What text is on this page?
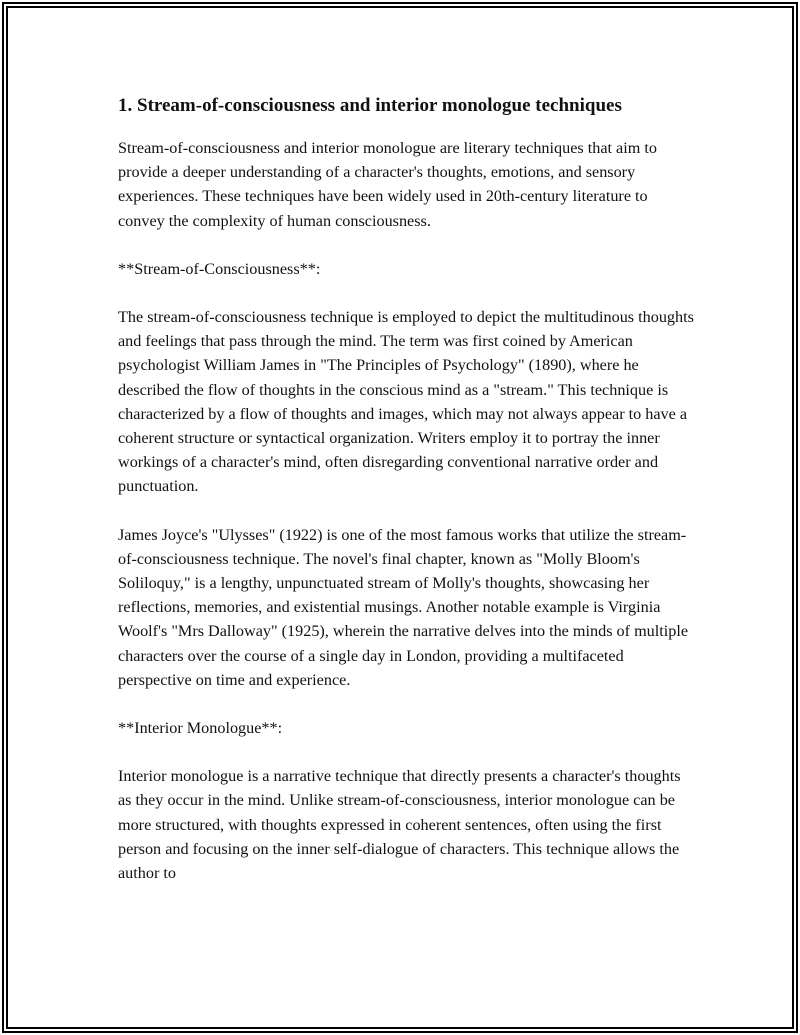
1. Stream-of-consciousness and interior monologue techniques

Stream-of-consciousness and interior monologue are literary techniques that aim to provide a deeper understanding of a character's thoughts, emotions, and sensory experiences. These techniques have been widely used in 20th-century literature to convey the complexity of human consciousness.

**Stream-of-Consciousness**:

The stream-of-consciousness technique is employed to depict the multitudinous thoughts and feelings that pass through the mind. The term was first coined by American psychologist William James in "The Principles of Psychology" (1890), where he described the flow of thoughts in the conscious mind as a "stream." This technique is characterized by a flow of thoughts and images, which may not always appear to have a coherent structure or syntactical organization. Writers employ it to portray the inner workings of a character's mind, often disregarding conventional narrative order and punctuation.

James Joyce's "Ulysses" (1922) is one of the most famous works that utilize the stream-of-consciousness technique. The novel's final chapter, known as "Molly Bloom's Soliloquy," is a lengthy, unpunctuated stream of Molly's thoughts, showcasing her reflections, memories, and existential musings. Another notable example is Virginia Woolf's "Mrs Dalloway" (1925), wherein the narrative delves into the minds of multiple characters over the course of a single day in London, providing a multifaceted perspective on time and experience.

**Interior Monologue**:

Interior monologue is a narrative technique that directly presents a character's thoughts as they occur in the mind. Unlike stream-of-consciousness, interior monologue can be more structured, with thoughts expressed in coherent sentences, often using the first person and focusing on the inner self-dialogue of characters. This technique allows the author to
